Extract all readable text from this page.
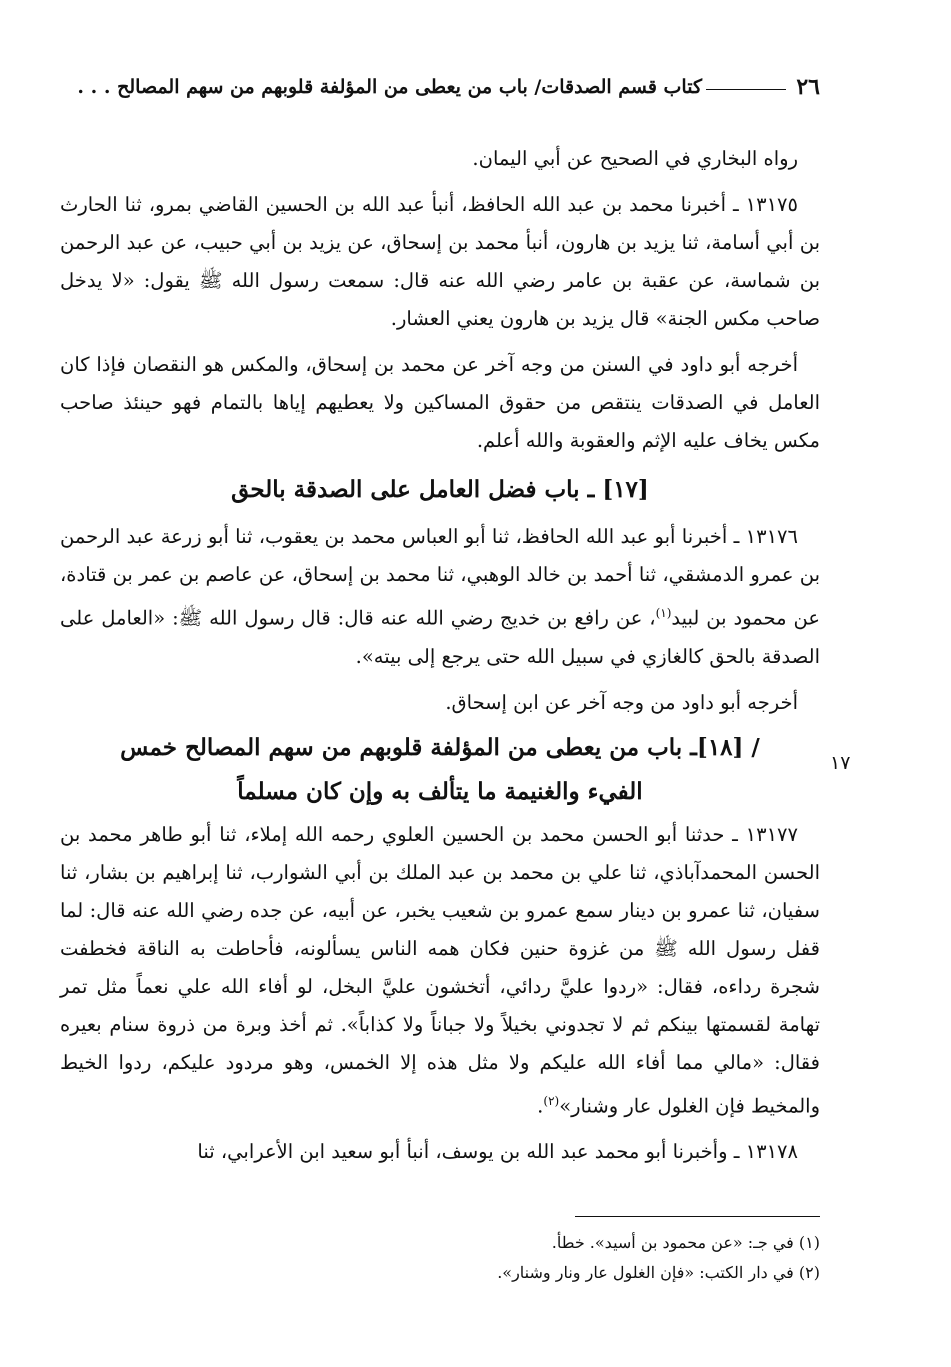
٢٦
كتاب قسم الصدقات/ باب من يعطى من المؤلفة قلوبهم من سهم المصالح . . .
١٧

رواه البخاري في الصحيح عن أبي اليمان.

١٣١٧٥ ـ أخبرنا محمد بن عبد الله الحافظ، أنبأ عبد الله بن الحسين القاضي بمرو، ثنا الحارث بن أبي أسامة، ثنا يزيد بن هارون، أنبأ محمد بن إسحاق، عن يزيد بن أبي حبيب، عن عبد الرحمن بن شماسة، عن عقبة بن عامر رضي الله عنه قال: سمعت رسول الله ﷺ يقول: «لا يدخل صاحب مكس الجنة» قال يزيد بن هارون يعني العشار.

أخرجه أبو داود في السنن من وجه آخر عن محمد بن إسحاق، والمكس هو النقصان فإذا كان العامل في الصدقات ينتقص من حقوق المساكين ولا يعطيهم إياها بالتمام فهو حينئذ صاحب مكس يخاف عليه الإثم والعقوبة والله أعلم.

[١٧] ـ باب فضل العامل على الصدقة بالحق

١٣١٧٦ ـ أخبرنا أبو عبد الله الحافظ، ثنا أبو العباس محمد بن يعقوب، ثنا أبو زرعة عبد الرحمن بن عمرو الدمشقي، ثنا أحمد بن خالد الوهبي، ثنا محمد بن إسحاق، عن عاصم بن عمر بن قتادة، عن محمود بن لبيد$^{(١)}$، عن رافع بن خديج رضي الله عنه قال: قال رسول الله ﷺ: «العامل على الصدقة بالحق كالغازي في سبيل الله حتى يرجع إلى بيته».

أخرجه أبو داود من وجه آخر عن ابن إسحاق.

/ [١٨]ـ باب من يعطى من المؤلفة قلوبهم من سهم المصالح خمس
الفيء والغنيمة ما يتألف به وإن كان مسلماً

١٣١٧٧ ـ حدثنا أبو الحسن محمد بن الحسين العلوي رحمه الله إملاء، ثنا أبو طاهر محمد بن الحسن المحمدآباذي، ثنا علي بن محمد بن عبد الملك بن أبي الشوارب، ثنا إبراهيم بن بشار، ثنا سفيان، ثنا عمرو بن دينار سمع عمرو بن شعيب يخبر، عن أبيه، عن جده رضي الله عنه قال: لما قفل رسول الله ﷺ من غزوة حنين فكان همه الناس يسألونه، فأحاطت به الناقة فخطفت شجرة رداءه، فقال: «ردوا عليَّ ردائي، أتخشون عليَّ البخل، لو أفاء الله علي نعماً مثل تمر تهامة لقسمتها بينكم ثم لا تجدوني بخيلاً ولا جباناً ولا كذاباً». ثم أخذ وبرة من ذروة سنام بعيره فقال: «مالي مما أفاء الله عليكم ولا مثل هذه إلا الخمس، وهو مردود عليكم، ردوا الخيط والمخيط فإن الغلول عار وشنار»$^{(٢)}$.

١٣١٧٨ ـ وأخبرنا أبو محمد عبد الله بن يوسف، أنبأ أبو سعيد ابن الأعرابي، ثنا

(١) في جـ: «عن محمود بن أسيد». خطأ.

(٢) في دار الكتب: «فإن الغلول عار ونار وشنار».
